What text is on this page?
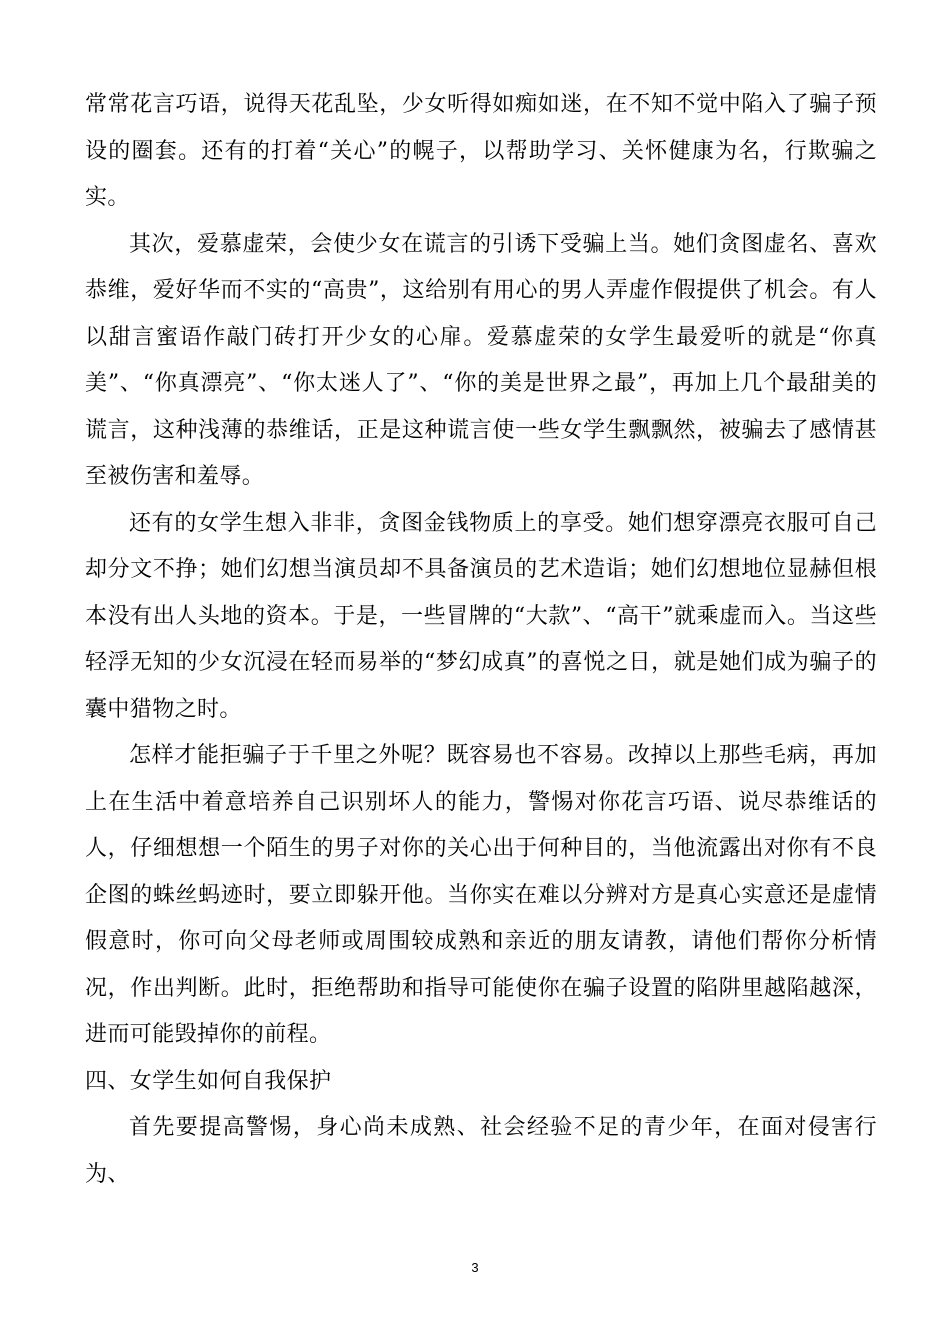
常常花言巧语，说得天花乱坠，少女听得如痴如迷，在不知不觉中陷入了骗子预设的圈套。还有的打着“关心”的幌子，以帮助学习、关怀健康为名，行欺骗之实。

其次，爱慕虚荣，会使少女在谎言的引诱下受骗上当。她们贪图虚名、喜欢恭维，爱好华而不实的“高贵”，这给别有用心的男人弄虚作假提供了机会。有人以甜言蜜语作敲门砖打开少女的心扉。爱慕虚荣的女学生最爱听的就是“你真美”、“你真漂亮”、“你太迷人了”、“你的美是世界之最”，再加上几个最甜美的谎言，这种浅薄的恭维话，正是这种谎言使一些女学生飘飘然，被骗去了感情甚至被伤害和羞辱。

还有的女学生想入非非，贪图金钱物质上的享受。她们想穿漂亮衣服可自己却分文不挣；她们幻想当演员却不具备演员的艺术造诣；她们幻想地位显赫但根本没有出人头地的资本。于是，一些冒牌的“大款”、“高干”就乘虚而入。当这些轻浮无知的少女沉浸在轻而易举的“梦幻成真”的喜悦之日，就是她们成为骗子的囊中猎物之时。

怎样才能拒骗子于千里之外呢？既容易也不容易。改掉以上那些毛病，再加上在生活中着意培养自己识别坏人的能力，警惕对你花言巧语、说尽恭维话的人，仔细想想一个陌生的男子对你的关心出于何种目的，当他流露出对你有不良企图的蛛丝蚂迹时，要立即躲开他。当你实在难以分辨对方是真心实意还是虚情假意时，你可向父母老师或周围较成熟和亲近的朋友请教，请他们帮你分析情况，作出判断。此时，拒绝帮助和指导可能使你在骗子设置的陷阱里越陷越深，进而可能毁掉你的前程。

四、女学生如何自我保护

首先要提高警惕，身心尚未成熟、社会经验不足的青少年，在面对侵害行为、

3
